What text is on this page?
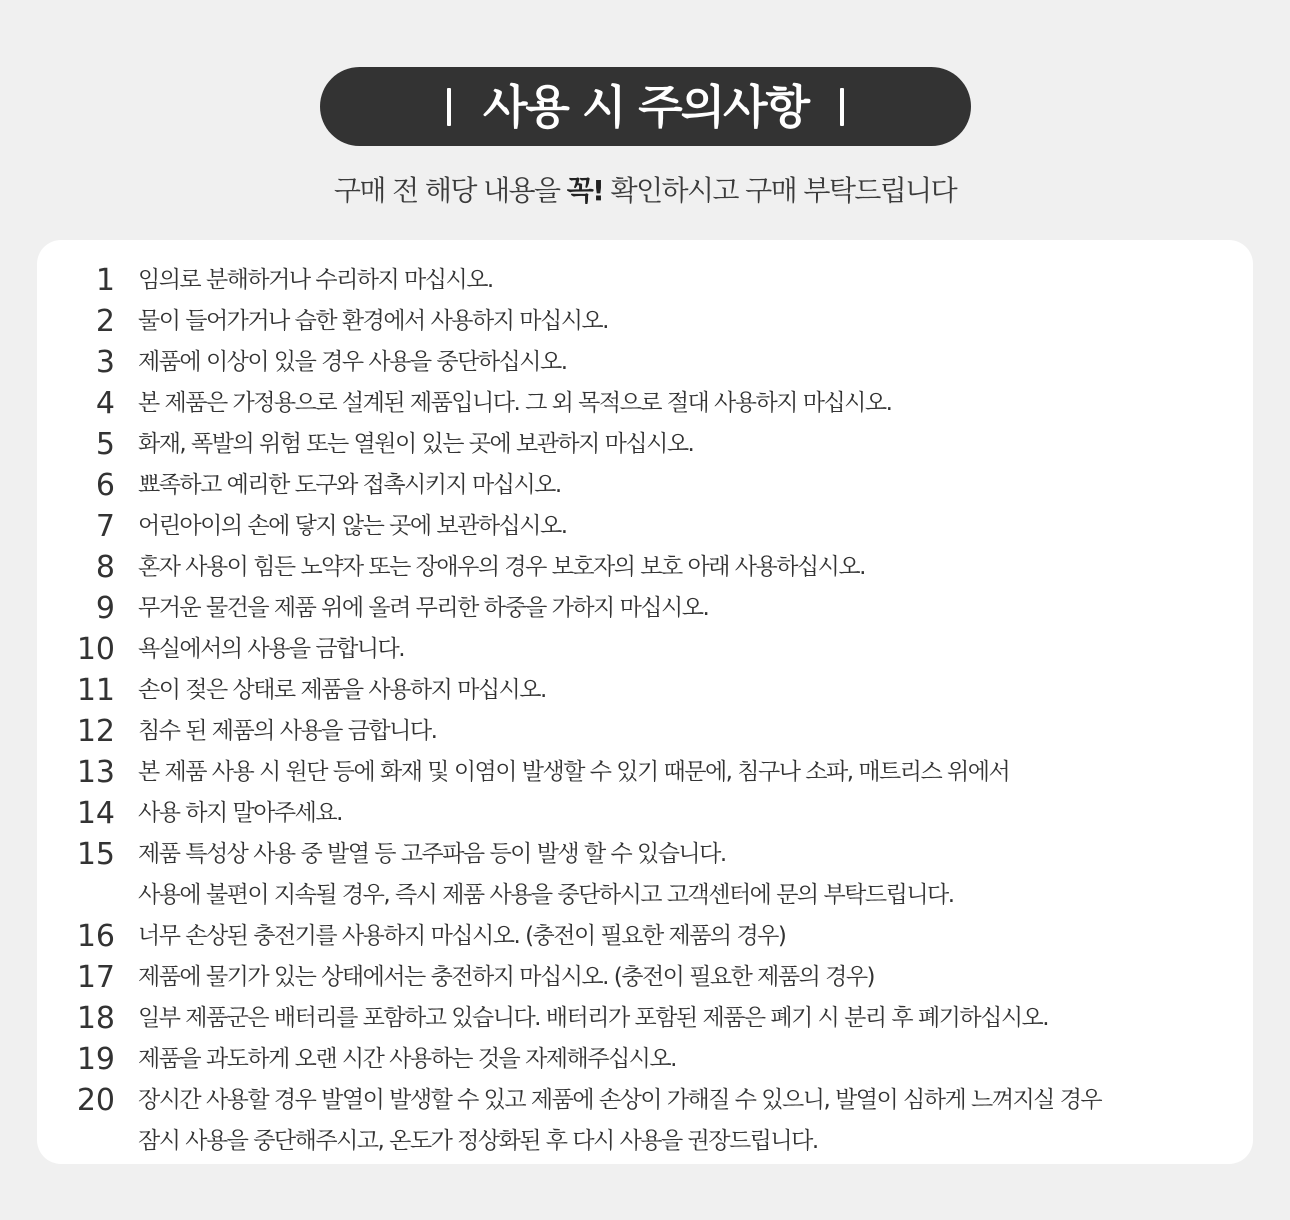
사용 시 주의사항
구매 전 해당 내용을 꼭! 확인하시고 구매 부탁드립니다
1 임의로 분해하거나 수리하지 마십시오.
2 물이 들어가거나 습한 환경에서 사용하지 마십시오.
3 제품에 이상이 있을 경우 사용을 중단하십시오.
4 본 제품은 가정용으로 설계된 제품입니다. 그 외 목적으로 절대 사용하지 마십시오.
5 화재, 폭발의 위험 또는 열원이 있는 곳에 보관하지 마십시오.
6 뾰족하고 예리한 도구와 접촉시키지 마십시오.
7 어린아이의 손에 닿지 않는 곳에 보관하십시오.
8 혼자 사용이 힘든 노약자 또는 장애우의 경우 보호자의 보호 아래 사용하십시오.
9 무거운 물건을 제품 위에 올려 무리한 하중을 가하지 마십시오.
10 욕실에서의 사용을 금합니다.
11 손이 젖은 상태로 제품을 사용하지 마십시오.
12 침수 된 제품의 사용을 금합니다.
13 본 제품 사용 시 원단 등에 화재 및 이염이 발생할 수 있기 때문에, 침구나 소파, 매트리스 위에서
14 사용 하지 말아주세요.
15 제품 특성상 사용 중 발열 등 고주파음 등이 발생 할 수 있습니다.
사용에 불편이 지속될 경우, 즉시 제품 사용을 중단하시고 고객센터에 문의 부탁드립니다.
16 너무 손상된 충전기를 사용하지 마십시오. (충전이 필요한 제품의 경우)
17 제품에 물기가 있는 상태에서는 충전하지 마십시오. (충전이 필요한 제품의 경우)
18 일부 제품군은 배터리를 포함하고 있습니다. 배터리가 포함된 제품은 폐기 시 분리 후 폐기하십시오.
19 제품을 과도하게 오랜 시간 사용하는 것을 자제해주십시오.
20 장시간 사용할 경우 발열이 발생할 수 있고 제품에 손상이 가해질 수 있으니, 발열이 심하게 느껴지실 경우
잠시 사용을 중단해주시고, 온도가 정상화된 후 다시 사용을 권장드립니다.
